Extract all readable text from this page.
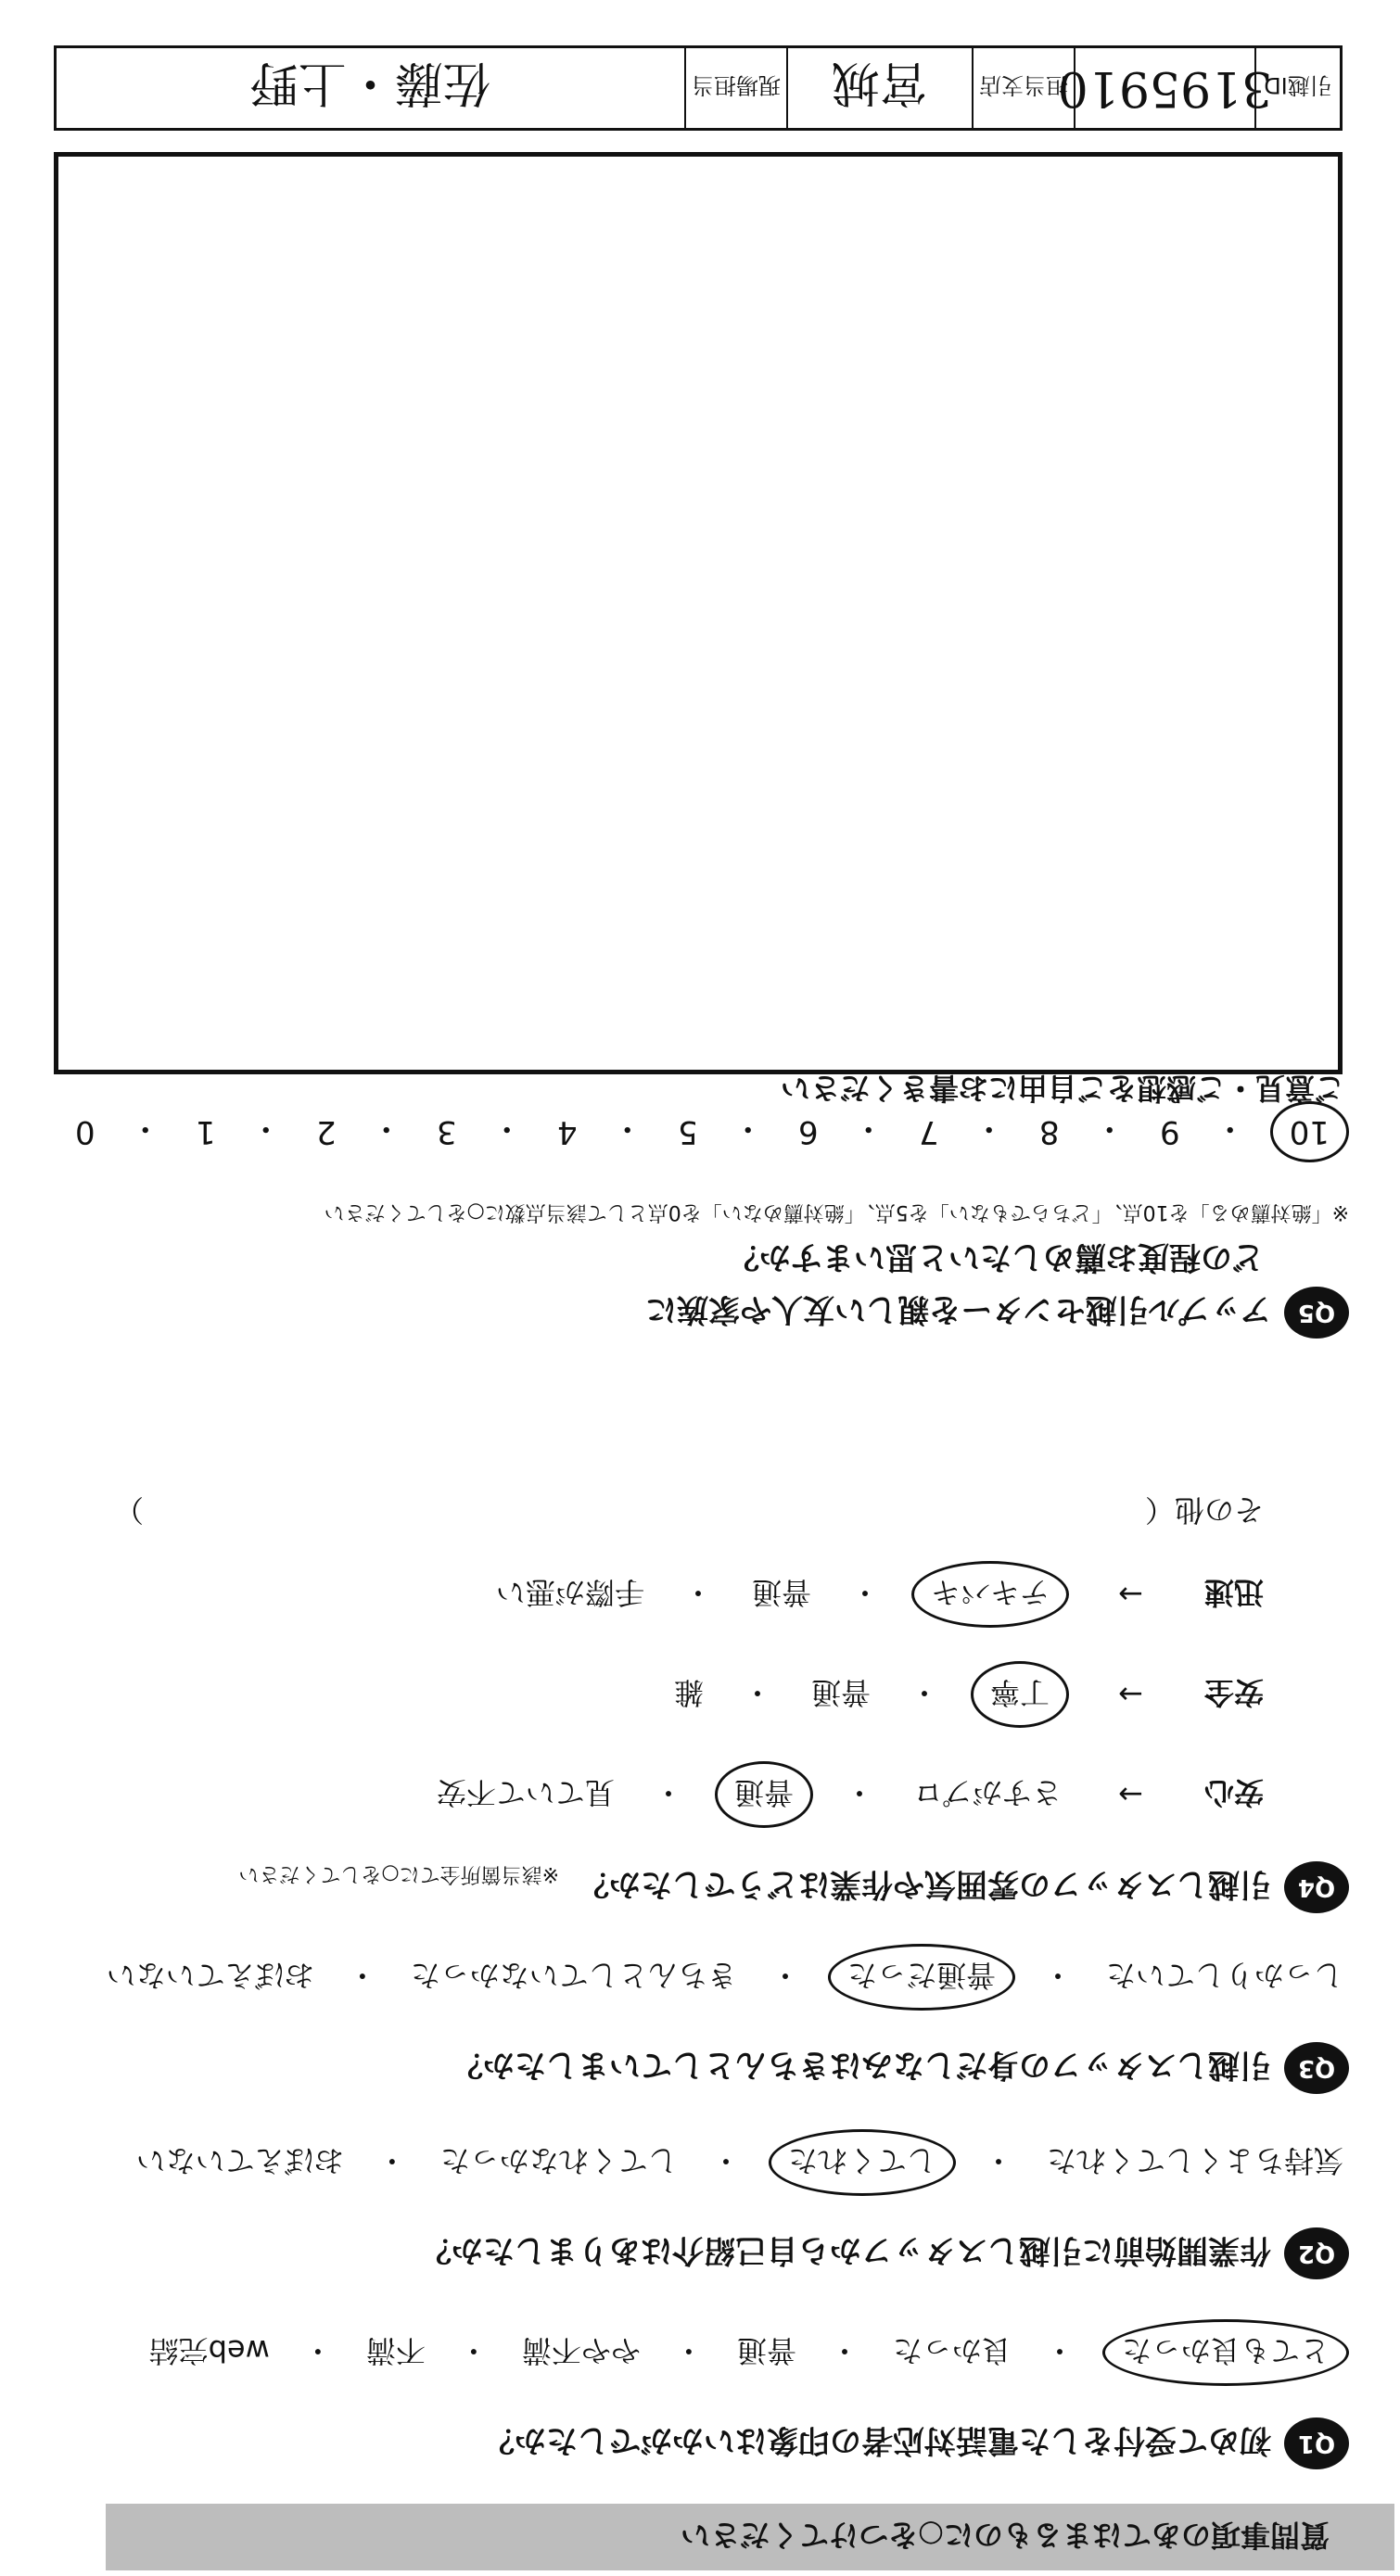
質問事項のあてはまるものに○をつけてください
Q1初めて受付をした電話対応者の印象はいかがでしたか？
とても良かった・良かった・普通・やや不満・不満・web完結
Q2作業開始前に引越しスタッフから自己紹介はありましたか？
気持ちよくしてくれた・してくれた・してくれなかった・おぼえていない
Q3引越しスタッフの身だしなみはきちんとしていましたか？
しっかりしていた・普通だった・きちんとしていなかった・おぼえていない
Q4引越しスタッフの雰囲気や作業はどうでしたか？※該当箇所全てに○をしてください
安心
→
さすがプロ
・
普通
・
見ていて不安
安全
→
丁寧
・
普通
・
雑
迅速
→
テキパキ
・
普通
・
手際が悪い
その他（）
Q5アップル引越センターを親しい友人や家族に
どの程度お薦めしたいと思いますか？
※「絶対薦める」を10点、「どちらでもない」を5点、「絶対薦めない」を0点として該当点数に○をしてください
10
・
9
・
8
・
7
・
6
・
5
・
4
・
3
・
2
・
1
・
0
ご意見・ご感想をご自由にお書きください
引越ID
3195910
担当支店
宮城
現場担当
佐藤・上野
